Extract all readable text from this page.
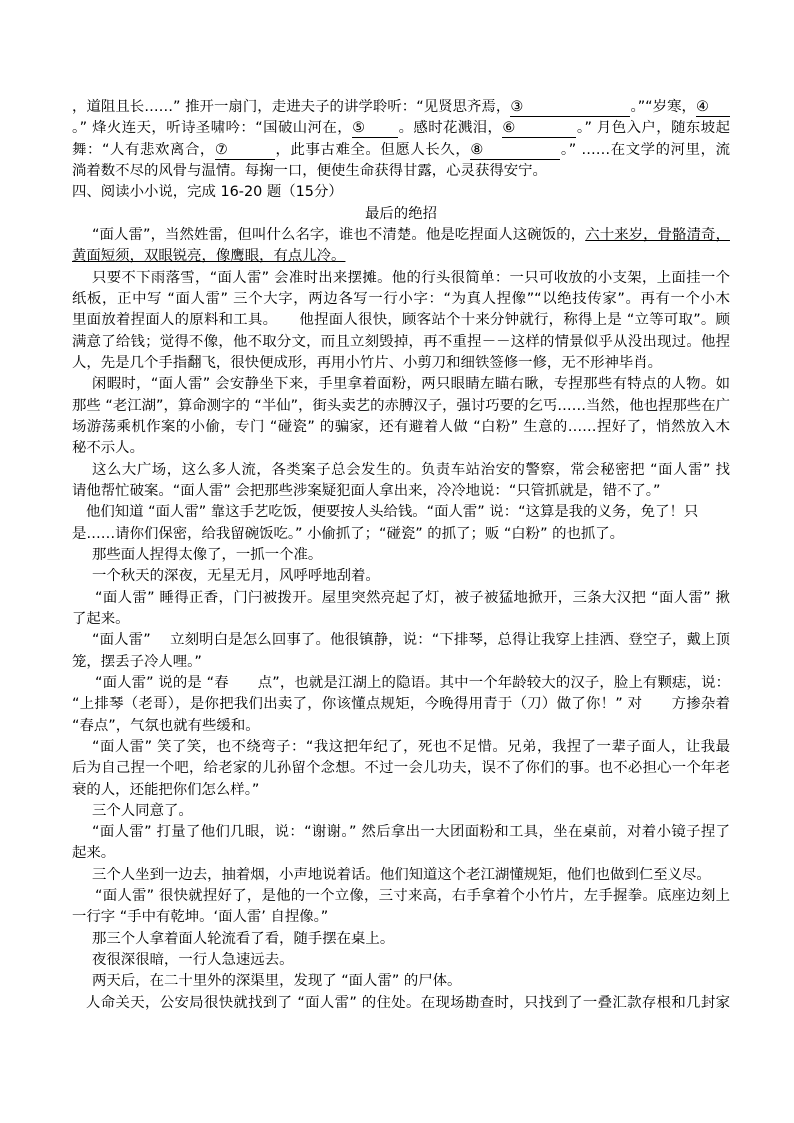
，道阻且长……” 推开一扇门，走进夫子的讲学聆听：“见贤思齐焉，③	。”“岁寒，④
。” 烽火连天，听诗圣啸吟：“国破山河在，⑤ 。感时花溅泪，⑥	。” 月色入户，随东坡起
舞：“人有悲欢离合，⑦	，此事古难全。但愿人长久，⑧	。” ……在文学的河里，流
淌着数不尽的风骨与温情。每掬一口，便使生命获得甘露，心灵获得安宁。
四、阅读小小说，完成 16-20 题（15分）
最后的绝招
“面人雷”，当然姓雷，但叫什么名字，谁也不清楚。他是吃捏面人这碗饭的，六十来岁，骨骼清奇，
黄面短须，双眼锐亮，像鹰眼，有点儿冷。
只要不下雨落雪，“面人雷” 会准时出来摆摊。他的行头很简单：一只可收放的小支架，上面挂一个
纸板，正中写 “面人雷” 三个大字，两边各写一行小字：“为真人捏像”“以绝技传家”。再有一个小木
里面放着捏面人的原料和工具。　　他捏面人很快，顾客站个十来分钟就行，称得上是 “立等可取”。顾
满意了给钱；觉得不像，他不取分文，而且立刻毁掉，再不重捏－－这样的情景似乎从没出现过。他捏
人，先是几个手指翻飞，很快便成形，再用小竹片、小剪刀和细铁签修一修，无不形神毕肖。
闲暇时，“面人雷” 会安静坐下来，手里拿着面粉，两只眼睛左瞄右瞅，专捏那些有特点的人物。如
那些 “老江湖”，算命测字的 “半仙”，街头卖艺的赤膊汉子，强讨巧要的乞丐……当然，他也捏那些在广
场游荡乘机作案的小偷，专门 “碰瓷” 的骗家，还有避着人做 “白粉” 生意的……捏好了，悄然放入木
秘不示人。
这么大广场，这么多人流，各类案子总会发生的。负责车站治安的警察，常会秘密把 “面人雷” 找
请他帮忙破案。“面人雷” 会把那些涉案疑犯面人拿出来，冷冷地说：“只管抓就是，错不了。”
他们知道 “面人雷” 靠这手艺吃饭，便要按人头给钱。“面人雷” 说：“这算是我的义务，免了！只
是……请你们保密，给我留碗饭吃。” 小偷抓了；“碰瓷” 的抓了；贩 “白粉” 的也抓了。
那些面人捏得太像了，一抓一个准。
一个秋天的深夜，无星无月，风呼呼地刮着。
“面人雷” 睡得正香，门闩被拨开。屋里突然亮起了灯，被子被猛地掀开，三条大汉把 “面人雷” 揪
了起来。
“面人雷”　 立刻明白是怎么回事了。他很镇静，说：“下排琴，总得让我穿上挂洒、登空子，戴上顶
笼，摆丢子冷人哩。”
“面人雷” 说的是 “春　　点”，也就是江湖上的隐语。其中一个年龄较大的汉子，脸上有颗痣，说：
“上排琴（老哥），是你把我们出卖了，你该懂点规矩，今晚得用青于（刀）做了你！” 对　　方掺杂着
“春点”，气氛也就有些缓和。
“面人雷” 笑了笑，也不绕弯子：“我这把年纪了，死也不足惜。兄弟，我捏了一辈子面人，让我最
后为自己捏一个吧，给老家的儿孙留个念想。不过一会儿功夫，误不了你们的事。也不必担心一个年老
衰的人，还能把你们怎么样。”
三个人同意了。
“面人雷” 打量了他们几眼，说：“谢谢。” 然后拿出一大团面粉和工具，坐在桌前，对着小镜子捏了
起来。
三个人坐到一边去，抽着烟，小声地说着话。他们知道这个老江湖懂规矩，他们也做到仁至义尽。
“面人雷” 很快就捏好了，是他的一个立像，三寸来高，右手拿着个小竹片，左手握拳。底座边刻上
一行字 “手中有乾坤。‘面人雷’ 自捏像。”
那三个人拿着面人轮流看了看，随手摆在桌上。
夜很深很暗，一行人急速远去。
两天后，在二十里外的深渠里，发现了 “面人雷” 的尸体。
人命关天，公安局很快就找到了 “面人雷” 的住处。在现场勘查时，只找到了一叠汇款存根和几封家
